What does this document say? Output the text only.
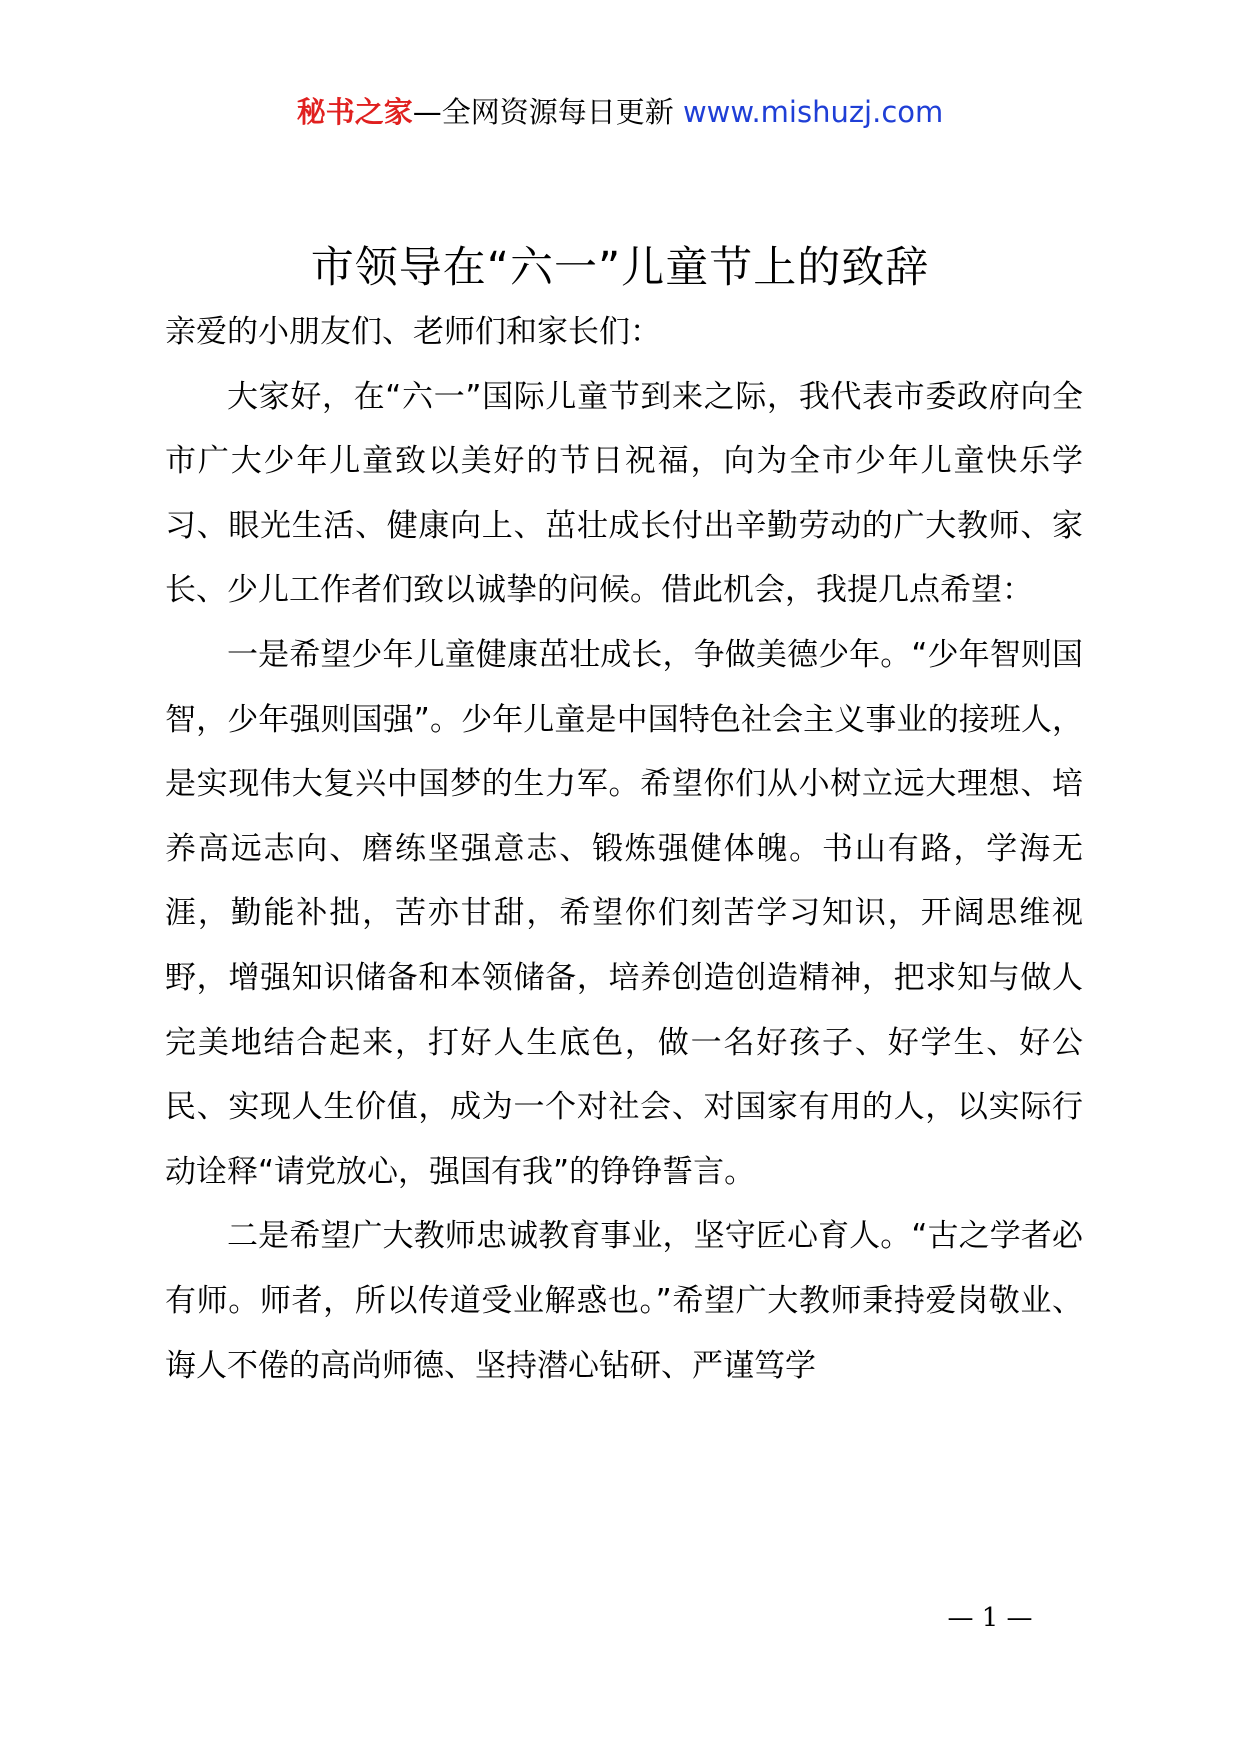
秘书之家—全网资源每日更新 www.mishuzj.com
市领导在“六一”儿童节上的致辞

亲爱的小朋友们、老师们和家长们：

大家好，在“六一”国际儿童节到来之际，我代表市委政府向全市广大少年儿童致以美好的节日祝福，向为全市少年儿童快乐学习、眼光生活、健康向上、茁壮成长付出辛勤劳动的广大教师、家长、少儿工作者们致以诚挚的问候。借此机会，我提几点希望：

一是希望少年儿童健康茁壮成长，争做美德少年。“少年智则国智，少年强则国强”。少年儿童是中国特色社会主义事业的接班人，是实现伟大复兴中国梦的生力军。希望你们从小树立远大理想、培养高远志向、磨练坚强意志、锻炼强健体魄。书山有路，学海无涯，勤能补拙，苦亦甘甜，希望你们刻苦学习知识，开阔思维视野，增强知识储备和本领储备，培养创造创造精神，把求知与做人完美地结合起来，打好人生底色，做一名好孩子、好学生、好公民、实现人生价值，成为一个对社会、对国家有用的人，以实际行动诠释“请党放心，强国有我”的铮铮誓言。

二是希望广大教师忠诚教育事业，坚守匠心育人。“古之学者必有师。师者，所以传道受业解惑也。”希望广大教师秉持爱岗敬业、诲人不倦的高尚师德、坚持潜心钻研、严谨笃学

— 1 —
